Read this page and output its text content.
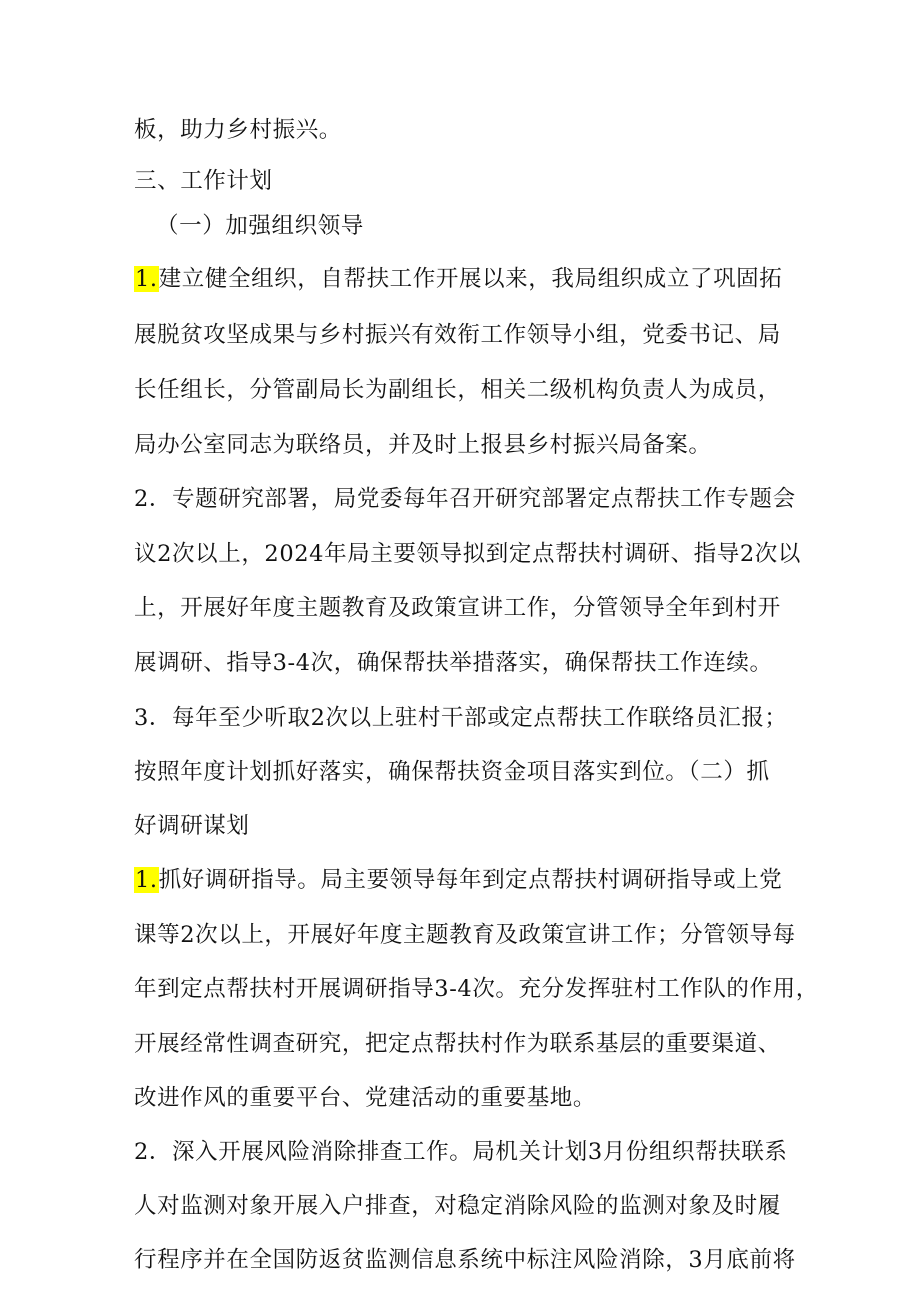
板，助力乡村振兴。
三、工作计划
（一）加强组织领导
1.建立健全组织，自帮扶工作开展以来，我局组织成立了巩固拓
展脱贫攻坚成果与乡村振兴有效衔工作领导小组，党委书记、局
长任组长，分管副局长为副组长，相关二级机构负责人为成员，
局办公室同志为联络员，并及时上报县乡村振兴局备案。
2．专题研究部署，局党委每年召开研究部署定点帮扶工作专题会
议2次以上，2024年局主要领导拟到定点帮扶村调研、指导2次以
上，开展好年度主题教育及政策宣讲工作，分管领导全年到村开
展调研、指导3-4次，确保帮扶举措落实，确保帮扶工作连续。
3．每年至少听取2次以上驻村干部或定点帮扶工作联络员汇报；
按照年度计划抓好落实，确保帮扶资金项目落实到位。（二）抓
好调研谋划
1.抓好调研指导。局主要领导每年到定点帮扶村调研指导或上党
课等2次以上，开展好年度主题教育及政策宣讲工作；分管领导每
年到定点帮扶村开展调研指导3-4次。充分发挥驻村工作队的作用，
开展经常性调查研究，把定点帮扶村作为联系基层的重要渠道、
改进作风的重要平台、党建活动的重要基地。
2．深入开展风险消除排查工作。局机关计划3月份组织帮扶联系
人对监测对象开展入户排查，对稳定消除风险的监测对象及时履
行程序并在全国防返贫监测信息系统中标注风险消除，3月底前将
